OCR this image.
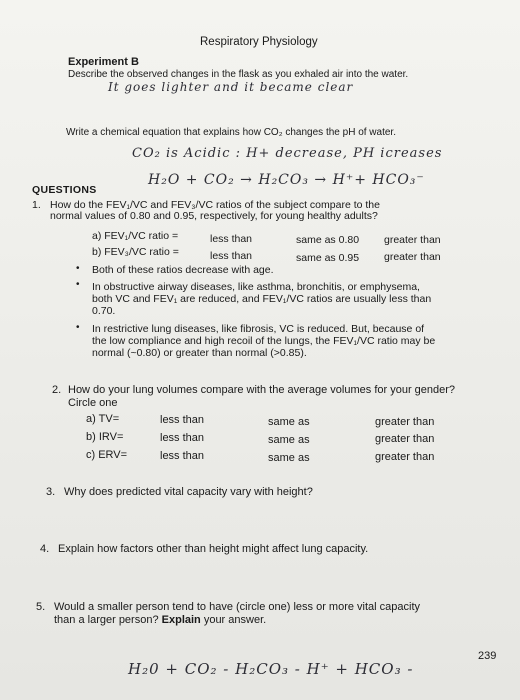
Respiratory Physiology
Experiment B
Describe the observed changes in the flask as you exhaled air into the water.
It goes lighter and it became clear
Write a chemical equation that explains how CO₂ changes the pH of water.
CO₂ is Acidic : H+ decrease, PH icreases
H₂O + CO₂ → H₂CO₃ → H⁺+ HCO₃⁻
QUESTIONS
1. How do the FEV₁/VC and FEV₃/VC ratios of the subject compare to the
normal values of 0.80 and 0.95, respectively, for young healthy adults?
a) FEV₁/VC ratio =	less than	same as 0.80 greater than
b) FEV₃/VC ratio =	less than	same as 0.95 greater than
• Both of these ratios decrease with age.
• In obstructive airway diseases, like asthma, bronchitis, or emphysema,
both VC and FEV₁ are reduced, and FEV₁/VC ratios are usually less than
0.70.
• In restrictive lung diseases, like fibrosis, VC is reduced. But, because of
the low compliance and high recoil of the lungs, the FEV₁/VC ratio may be
normal (~0.80) or greater than normal (>0.85).
2. How do your lung volumes compare with the average volumes for your gender?
Circle one
a) TV=	less than	same as	greater than
b) IRV=	less than	same as	greater than
c) ERV=	less than	same as	greater than
3. Why does predicted vital capacity vary with height?
4. Explain how factors other than height might affect lung capacity.
5. Would a smaller person tend to have (circle one) less or more vital capacity
than a larger person? Explain your answer.
239
H₂0 + CO₂ - H₂CO₃ - H⁺ + HCO₃ -
